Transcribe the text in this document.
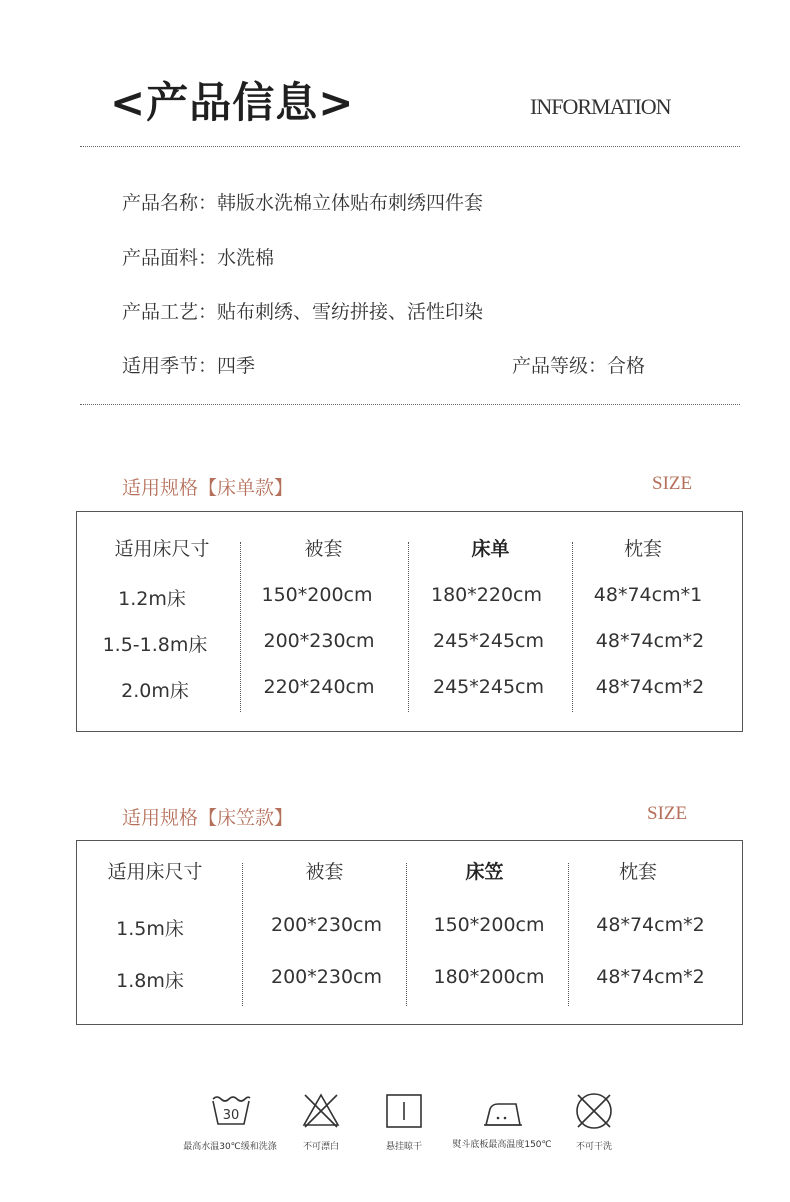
<产品信息>	INFORMATION
产品名称：韩版水洗棉立体贴布刺绣四件套
产品面料：水洗棉
产品工艺：贴布刺绣、雪纺拼接、活性印染
适用季节：四季	产品等级：合格
适用规格【床单款】	SIZE
适用床尺寸	被套	床单	枕套
1.2m床	150*200cm	180*220cm	48*74cm*1
1.5-1.8m床	200*230cm	245*245cm	48*74cm*2
2.0m床	220*240cm	245*245cm	48*74cm*2
适用规格【床笠款】	SIZE
适用床尺寸	被套	床笠	枕套
1.5m床	200*230cm	150*200cm	48*74cm*2
1.8m床	200*230cm	180*200cm	48*74cm*2
30
最高水温30℃缓和洗涤	不可漂白	悬挂晾干	熨斗底板最高温度150℃	不可干洗
